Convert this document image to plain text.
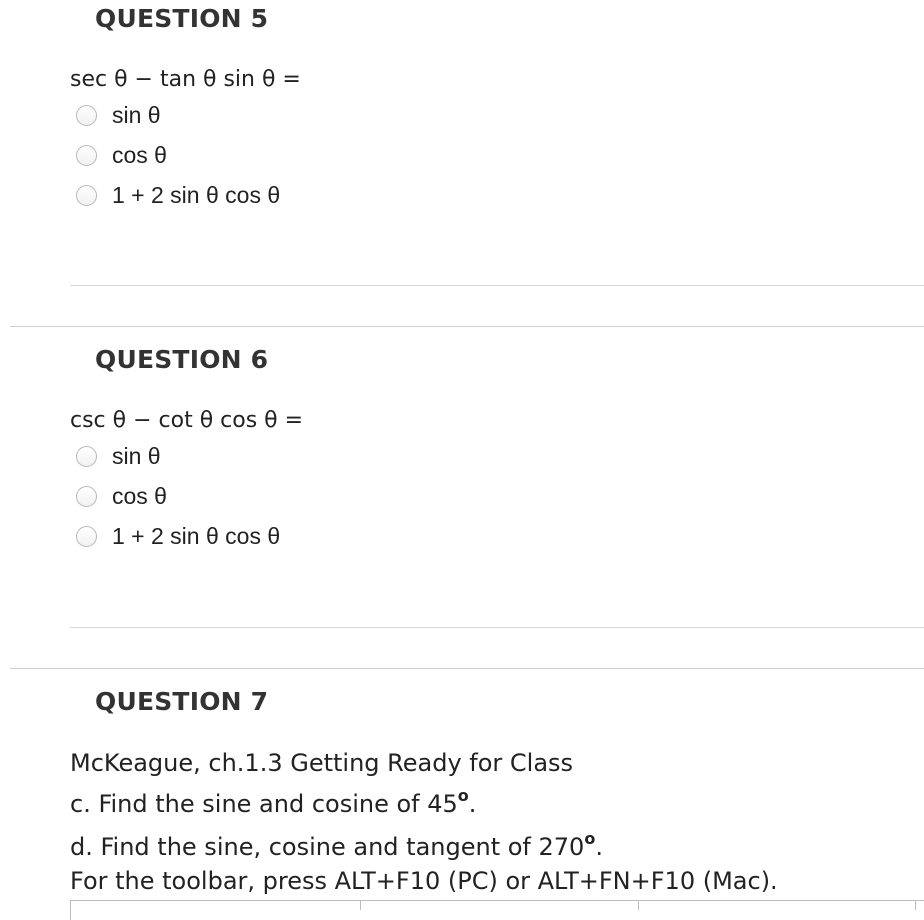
QUESTION 5
sec θ − tan θ sin θ =
sin θ
cos θ
1 + 2 sin θ cos θ
QUESTION 6
csc θ − cot θ cos θ =
sin θ
cos θ
1 + 2 sin θ cos θ
QUESTION 7
McKeague, ch.1.3 Getting Ready for Class
c. Find the sine and cosine of 45$^o$.
d. Find the sine, cosine and tangent of 270$^o$.
For the toolbar, press ALT+F10 (PC) or ALT+FN+F10 (Mac).
